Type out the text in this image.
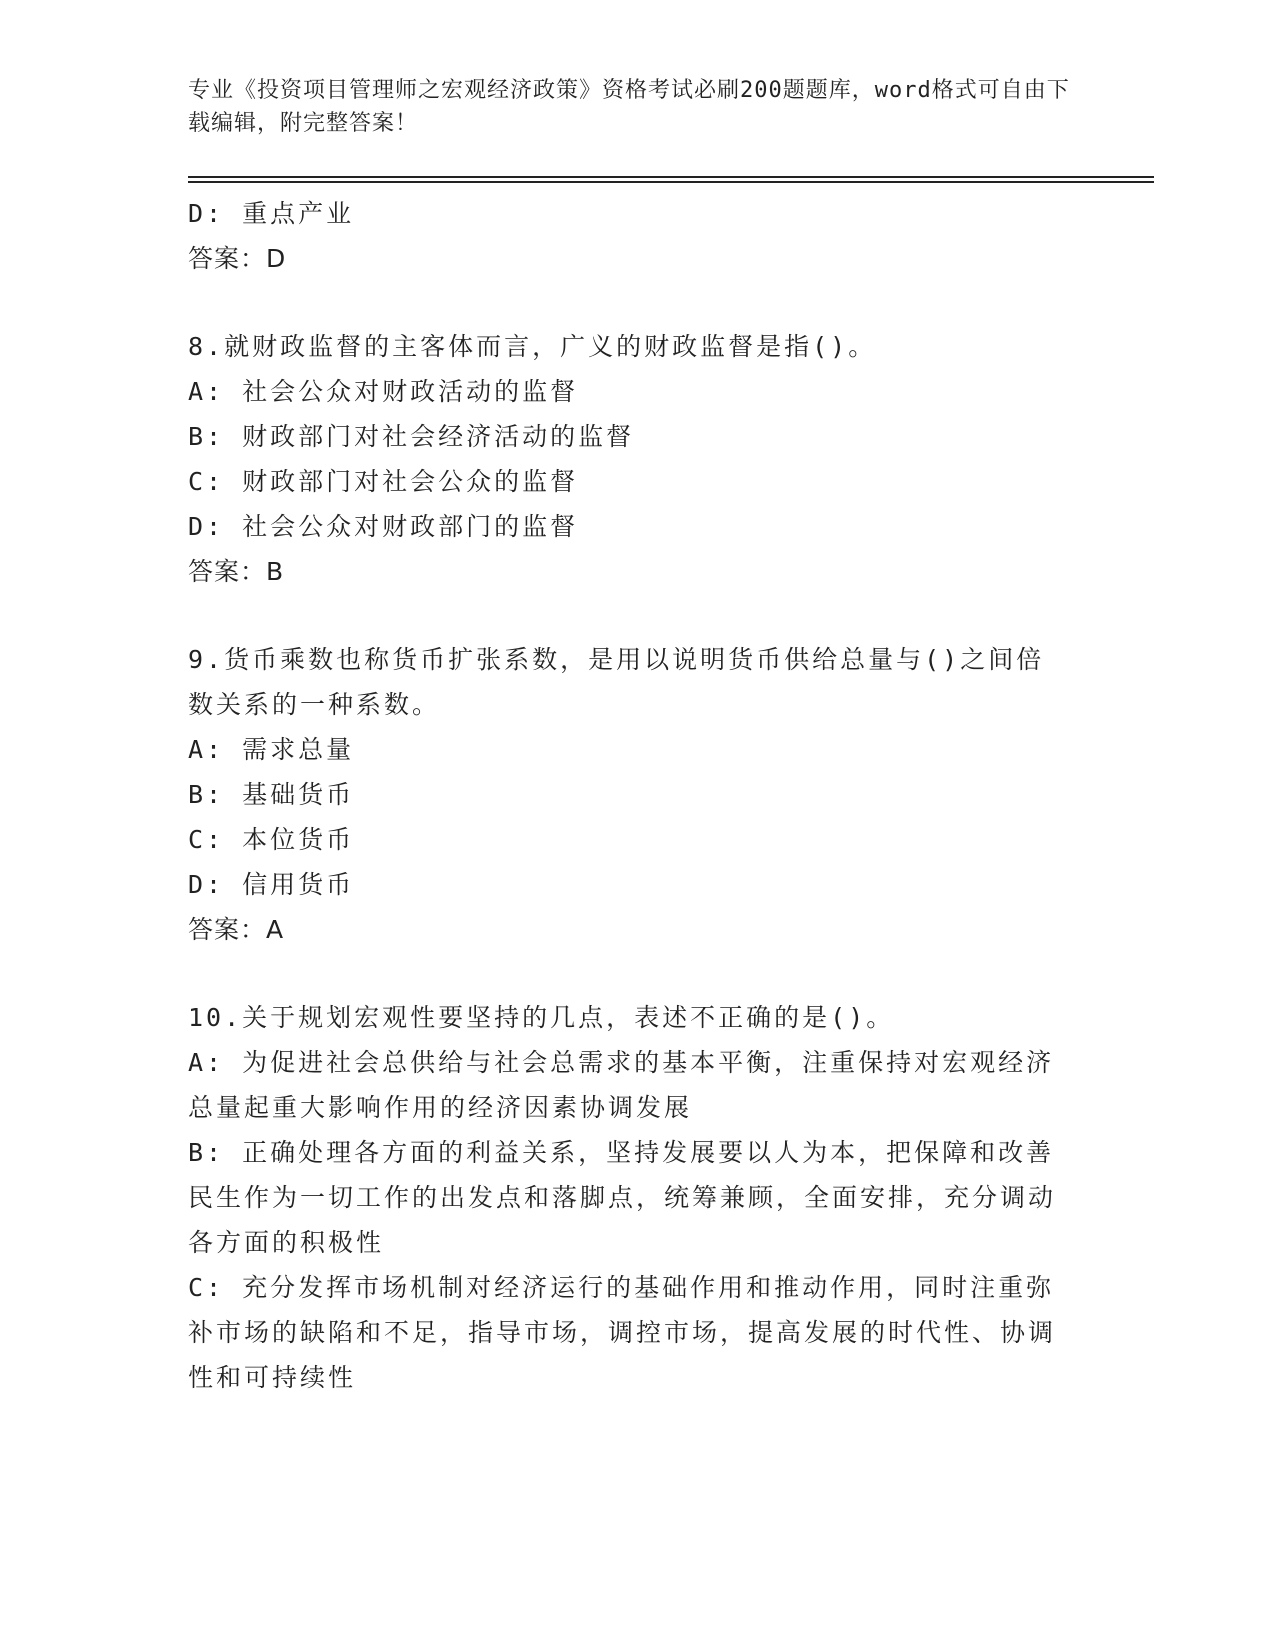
专业《投资项目管理师之宏观经济政策》资格考试必刷200题题库，word格式可自由下载编辑，附完整答案！

D: 重点产业

答案：D

8.就财政监督的主客体而言，广义的财政监督是指()。

A: 社会公众对财政活动的监督

B: 财政部门对社会经济活动的监督

C: 财政部门对社会公众的监督

D: 社会公众对财政部门的监督

答案：B

9.货币乘数也称货币扩张系数，是用以说明货币供给总量与()之间倍数关系的一种系数。

A: 需求总量

B: 基础货币

C: 本位货币

D: 信用货币

答案：A

10.关于规划宏观性要坚持的几点，表述不正确的是()。

A: 为促进社会总供给与社会总需求的基本平衡，注重保持对宏观经济总量起重大影响作用的经济因素协调发展

B: 正确处理各方面的利益关系，坚持发展要以人为本，把保障和改善民生作为一切工作的出发点和落脚点，统筹兼顾，全面安排，充分调动各方面的积极性

C: 充分发挥市场机制对经济运行的基础作用和推动作用，同时注重弥补市场的缺陷和不足，指导市场，调控市场，提高发展的时代性、协调性和可持续性
